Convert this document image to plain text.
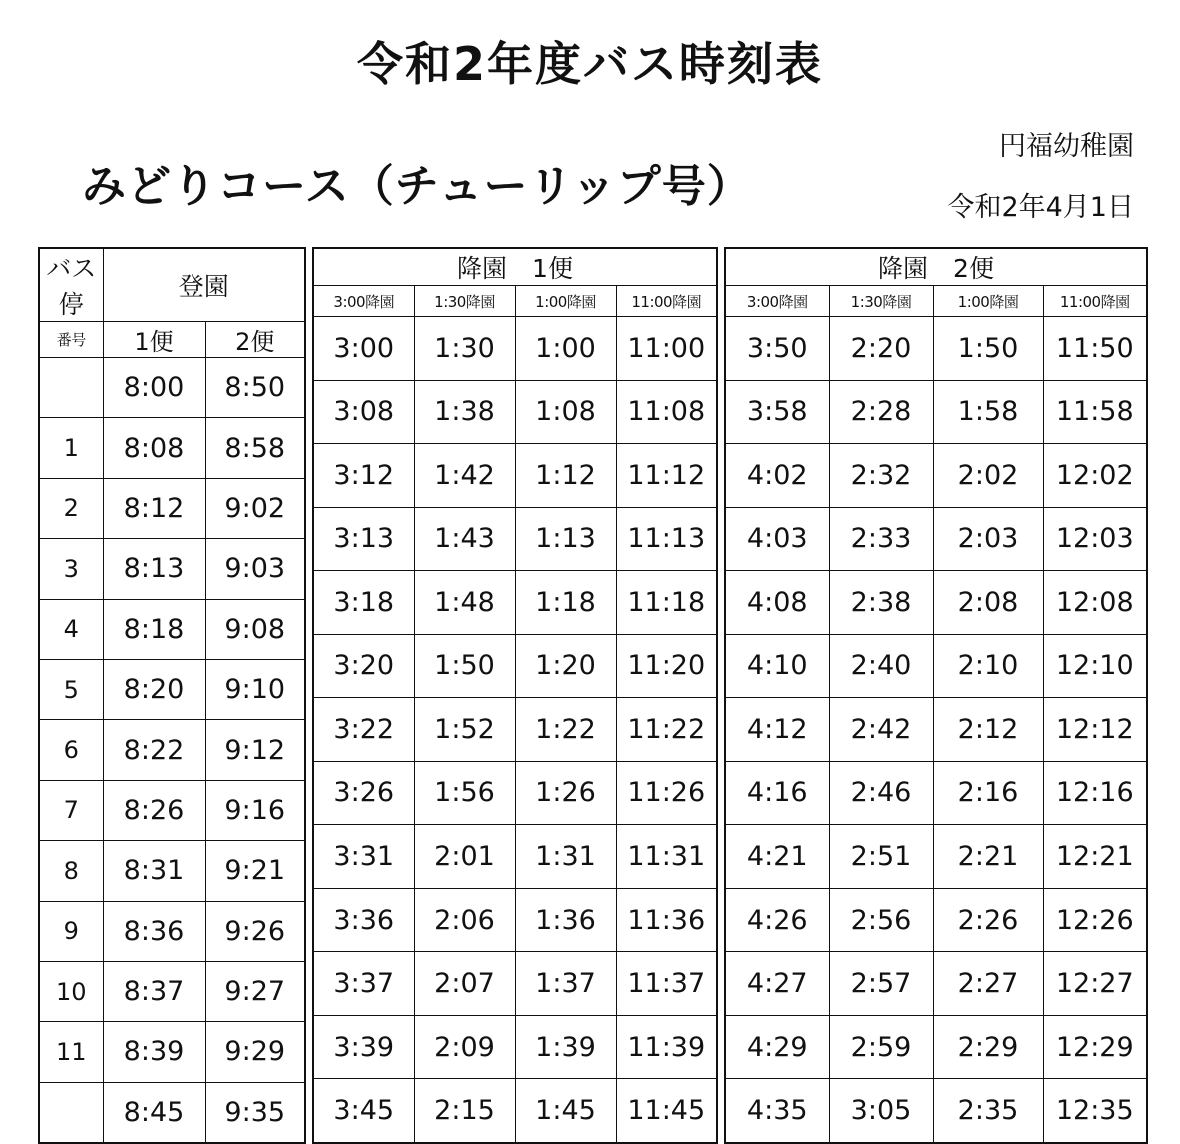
令和2年度バス時刻表
みどりコース（チューリップ号）
円福幼稚園
令和2年4月1日
バス停	登園	
番号	1便	2便
	8:00	8:50
1	8:08	8:58
2	8:12	9:02
3	8:13	9:03
4	8:18	9:08
5	8:20	9:10
6	8:22	9:12
7	8:26	9:16
8	8:31	9:21
9	8:36	9:26
10	8:37	9:27
11	8:39	9:29
	8:45	9:35
降園　1便			
3:00降園	1:30降園	1:00降園	11:00降園
3:00	1:30	1:00	11:00
3:08	1:38	1:08	11:08
3:12	1:42	1:12	11:12
3:13	1:43	1:13	11:13
3:18	1:48	1:18	11:18
3:20	1:50	1:20	11:20
3:22	1:52	1:22	11:22
3:26	1:56	1:26	11:26
3:31	2:01	1:31	11:31
3:36	2:06	1:36	11:36
3:37	2:07	1:37	11:37
3:39	2:09	1:39	11:39
3:45	2:15	1:45	11:45
降園　2便			
3:00降園	1:30降園	1:00降園	11:00降園
3:50	2:20	1:50	11:50
3:58	2:28	1:58	11:58
4:02	2:32	2:02	12:02
4:03	2:33	2:03	12:03
4:08	2:38	2:08	12:08
4:10	2:40	2:10	12:10
4:12	2:42	2:12	12:12
4:16	2:46	2:16	12:16
4:21	2:51	2:21	12:21
4:26	2:56	2:26	12:26
4:27	2:57	2:27	12:27
4:29	2:59	2:29	12:29
4:35	3:05	2:35	12:35
